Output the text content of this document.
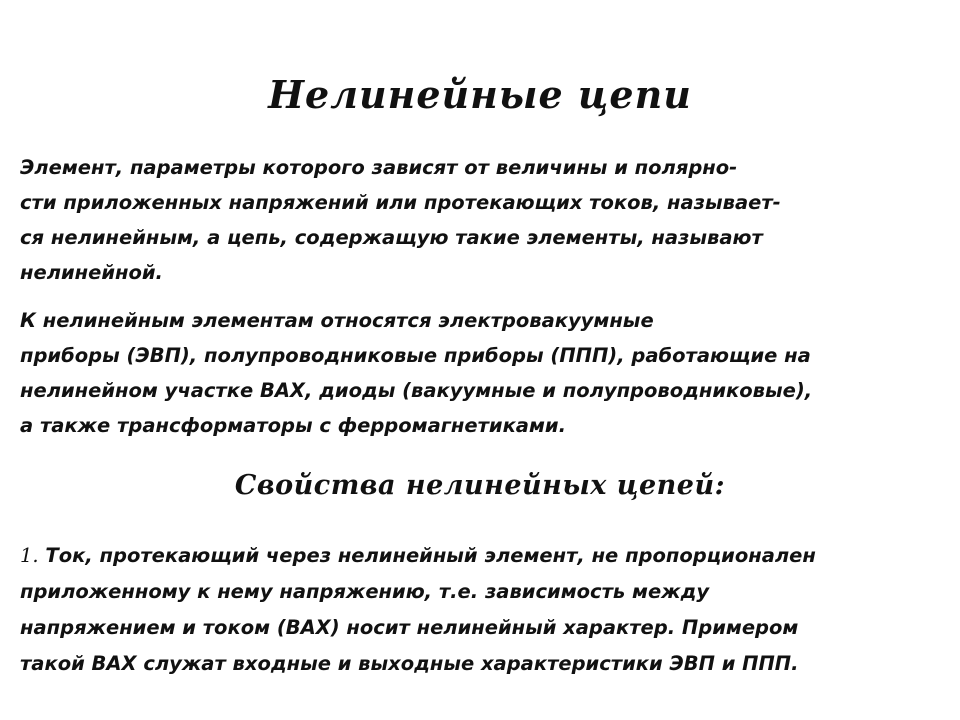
Нелинейные цепи

Элемент, параметры которого зависят от величины и полярно-
сти приложенных напряжений или протекающих токов, называет-
ся нелинейным, а цепь, содержащую такие элементы, называют
нелинейной.

К нелинейным элементам относятся электровакуумные
приборы (ЭВП), полупроводниковые приборы (ППП), работающие на
нелинейном участке ВАХ, диоды (вакуумные и полупроводниковые),
а также трансформаторы с ферромагнетиками.

Свойства нелинейных цепей:

1. Ток, протекающий через нелинейный элемент, не пропорционален
приложенному к нему напряжению, т.е. зависимость между
напряжением и током (ВАХ) носит нелинейный характер. Примером
такой ВАХ служат входные и выходные характеристики ЭВП и ППП.
